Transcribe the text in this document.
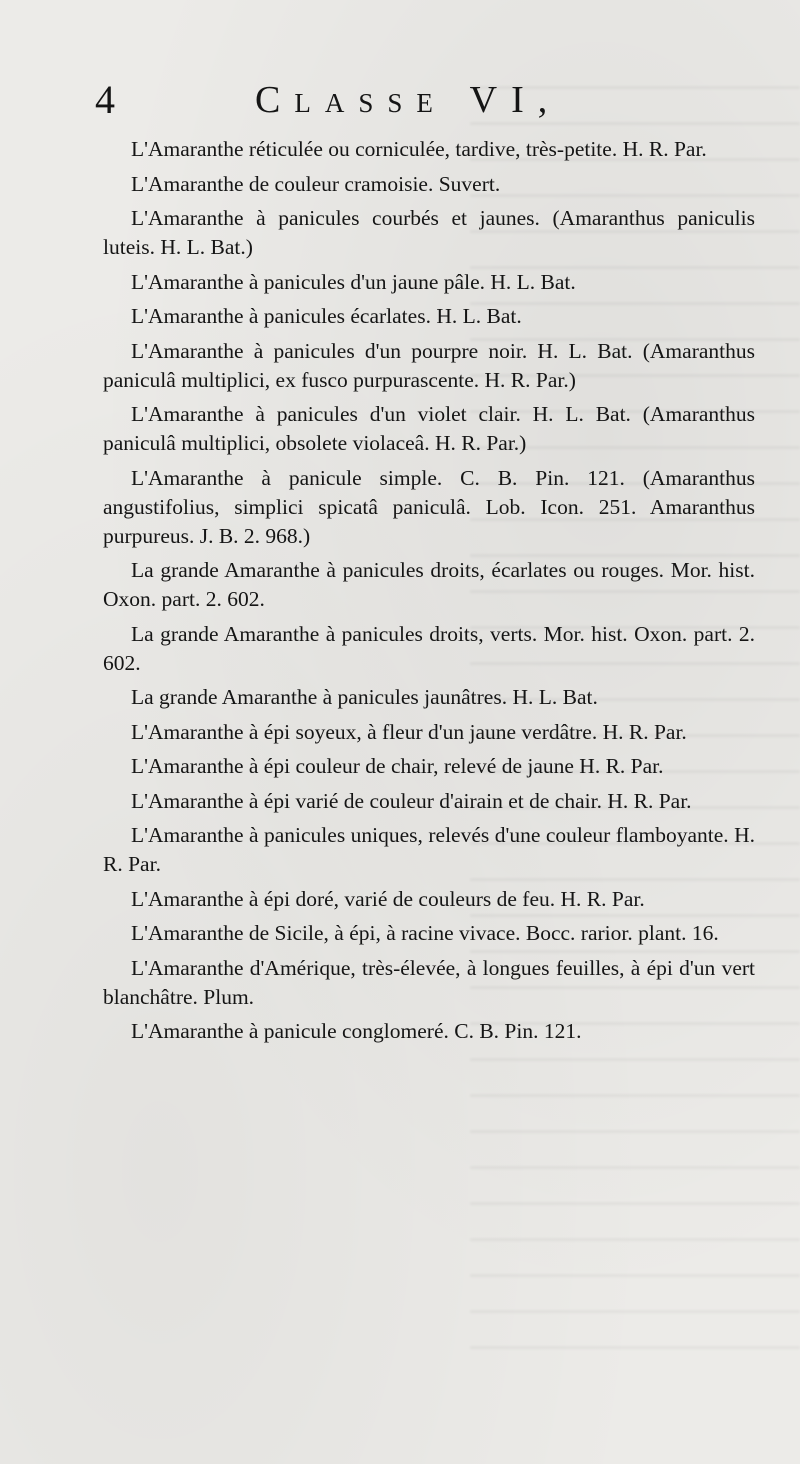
4	Classe VI,

L'Amaranthe réticulée ou corniculée, tardive, très-petite. H. R. Par.

L'Amaranthe de couleur cramoisie. Suvert.

L'Amaranthe à panicules courbés et jaunes. (Amaranthus paniculis luteis. H. L. Bat.)

L'Amaranthe à panicules d'un jaune pâle. H. L. Bat.

L'Amaranthe à panicules écarlates. H. L. Bat.

L'Amaranthe à panicules d'un pourpre noir. H. L. Bat. (Amaranthus paniculâ multiplici, ex fusco purpurascente. H. R. Par.)

L'Amaranthe à panicules d'un violet clair. H. L. Bat. (Amaranthus paniculâ multiplici, obsolete violaceâ. H. R. Par.)

L'Amaranthe à panicule simple. C. B. Pin. 121. (Amaranthus angustifolius, simplici spicatâ paniculâ. Lob. Icon. 251. Amaranthus purpureus. J. B. 2. 968.)

La grande Amaranthe à panicules droits, écarlates ou rouges. Mor. hist. Oxon. part. 2. 602.

La grande Amaranthe à panicules droits, verts. Mor. hist. Oxon. part. 2. 602.

La grande Amaranthe à panicules jaunâtres. H. L. Bat.

L'Amaranthe à épi soyeux, à fleur d'un jaune verdâtre. H. R. Par.

L'Amaranthe à épi couleur de chair, relevé de jaune H. R. Par.

L'Amaranthe à épi varié de couleur d'airain et de chair. H. R. Par.

L'Amaranthe à panicules uniques, relevés d'une couleur flamboyante. H. R. Par.

L'Amaranthe à épi doré, varié de couleurs de feu. H. R. Par.

L'Amaranthe de Sicile, à épi, à racine vivace. Bocc. rarior. plant. 16.

L'Amaranthe d'Amérique, très-élevée, à longues feuilles, à épi d'un vert blanchâtre. Plum.

L'Amaranthe à panicule conglomeré. C. B. Pin. 121.
